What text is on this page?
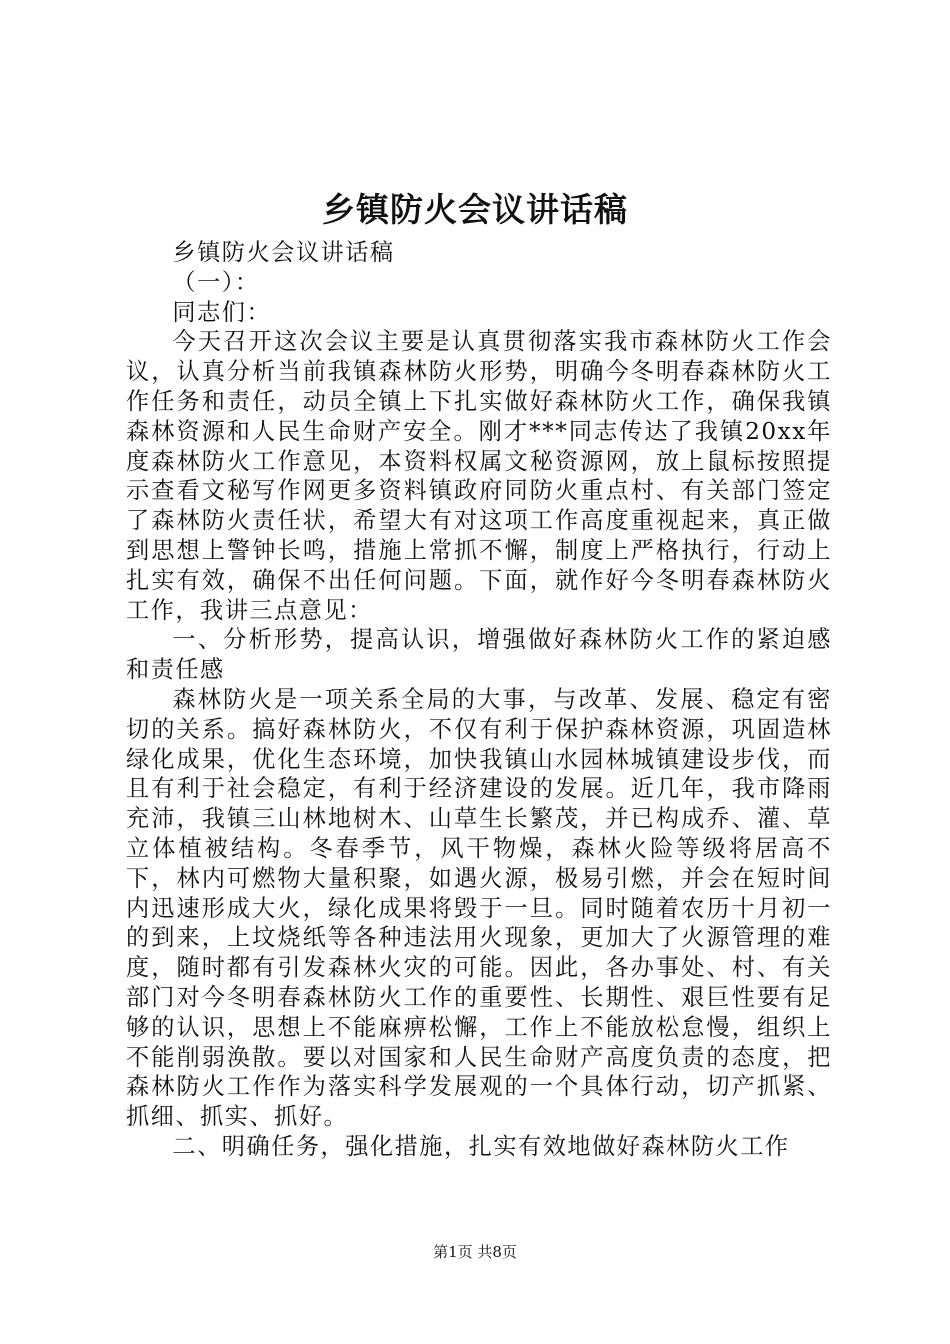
乡镇防火会议讲话稿

乡镇防火会议讲话稿

（一）：

同志们：

今天召开这次会议主要是认真贯彻落实我市森林防火工作会议，认真分析当前我镇森林防火形势，明确今冬明春森林防火工作任务和责任，动员全镇上下扎实做好森林防火工作，确保我镇森林资源和人民生命财产安全。刚才***同志传达了我镇20xx年度森林防火工作意见，本资料权属文秘资源网，放上鼠标按照提示查看文秘写作网更多资料镇政府同防火重点村、有关部门签定了森林防火责任状，希望大有对这项工作高度重视起来，真正做到思想上警钟长鸣，措施上常抓不懈，制度上严格执行，行动上扎实有效，确保不出任何问题。下面，就作好今冬明春森林防火工作，我讲三点意见：

一、分析形势，提高认识，增强做好森林防火工作的紧迫感和责任感

森林防火是一项关系全局的大事，与改革、发展、稳定有密切的关系。搞好森林防火，不仅有利于保护森林资源，巩固造林绿化成果，优化生态环境，加快我镇山水园林城镇建设步伐，而且有利于社会稳定，有利于经济建设的发展。近几年，我市降雨充沛，我镇三山林地树木、山草生长繁茂，并已构成乔、灌、草立体植被结构。冬春季节，风干物燥，森林火险等级将居高不下，林内可燃物大量积聚，如遇火源，极易引燃，并会在短时间内迅速形成大火，绿化成果将毁于一旦。同时随着农历十月初一的到来，上坟烧纸等各种违法用火现象，更加大了火源管理的难度，随时都有引发森林火灾的可能。因此，各办事处、村、有关部门对今冬明春森林防火工作的重要性、长期性、艰巨性要有足够的认识，思想上不能麻痹松懈，工作上不能放松怠慢，组织上不能削弱涣散。要以对国家和人民生命财产高度负责的态度，把森林防火工作作为落实科学发展观的一个具体行动，切产抓紧、抓细、抓实、抓好。

二、明确任务，强化措施，扎实有效地做好森林防火工作

第1页 共8页
